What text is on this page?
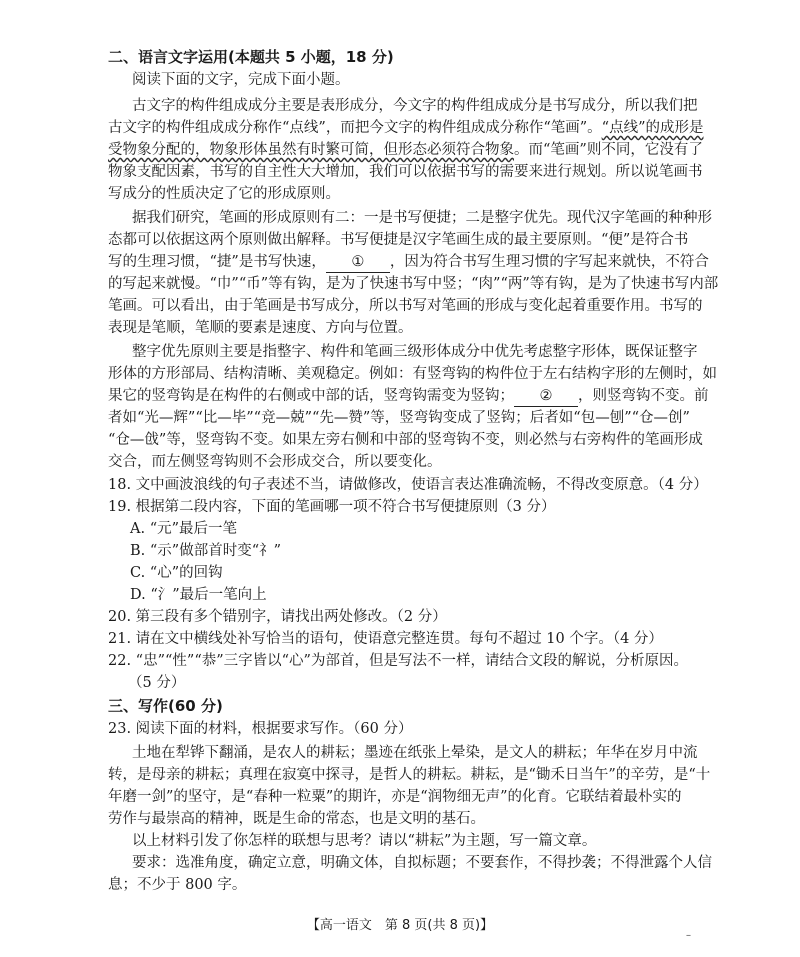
二、语言文字运用(本题共 5 小题，18 分)
阅读下面的文字，完成下面小题。
古文字的构件组成成分主要是表形成分，今文字的构件组成成分是书写成分，所以我们把
古文字的构件组成成分称作“点线”，而把今文字的构件组成成分称作“笔画”。“点线”的成形是
受物象分配的，物象形体虽然有时繁可简，但形态必须符合物象。而“笔画”则不同，它没有了
物象支配因素，书写的自主性大大增加，我们可以依据书写的需要来进行规划。所以说笔画书
写成分的性质决定了它的形成原则。
据我们研究，笔画的形成原则有二：一是书写便捷；二是整字优先。现代汉字笔画的种种形
态都可以依据这两个原则做出解释。书写便捷是汉字笔画生成的最主要原则。“便”是符合书
写的生理习惯，“捷”是书写快速， ① ，因为符合书写生理习惯的字写起来就快，不符合
的写起来就慢。“巾”“币”等有钩，是为了快速书写中竖；“肉”“两”等有钩，是为了快速书写内部
笔画。可以看出，由于笔画是书写成分，所以书写对笔画的形成与变化起着重要作用。书写的
表现是笔顺，笔顺的要素是速度、方向与位置。
整字优先原则主要是指整字、构件和笔画三级形体成分中优先考虑整字形体，既保证整字
形体的方形部局、结构清晰、美观稳定。例如：有竖弯钩的构件位于左右结构字形的左侧时，如
果它的竖弯钩是在构件的右侧或中部的话，竖弯钩需变为竖钩； ② ，则竖弯钩不变。前
者如“光—辉”“比—毕”“竞—兢”“先—赞”等，竖弯钩变成了竖钩；后者如“包—刨”“仓—创”
“仓—戗”等，竖弯钩不变。如果左旁右侧和中部的竖弯钩不变，则必然与右旁构件的笔画形成
交合，而左侧竖弯钩则不会形成交合，所以要变化。
18. 文中画波浪线的句子表述不当，请做修改，使语言表达准确流畅，不得改变原意。（4 分）
19. 根据第二段内容，下面的笔画哪一项不符合书写便捷原则（3 分）
A. “元”最后一笔
B. “示”做部首时变“礻”
C. “心”的回钩
D. “氵”最后一笔向上
20. 第三段有多个错别字，请找出两处修改。（2 分）
21. 请在文中横线处补写恰当的语句，使语意完整连贯。每句不超过 10 个字。（4 分）
22. “忠”“性”“恭”三字皆以“心”为部首，但是写法不一样，请结合文段的解说，分析原因。
（5 分）
三、写作(60 分)
23. 阅读下面的材料，根据要求写作。（60 分）
土地在犁铧下翻涌，是农人的耕耘；墨迹在纸张上晕染，是文人的耕耘；年华在岁月中流
转，是母亲的耕耘；真理在寂寞中探寻，是哲人的耕耘。耕耘，是“锄禾日当午”的辛劳，是“十
年磨一剑”的坚守，是“春种一粒粟”的期许，亦是“润物细无声”的化育。它联结着最朴实的
劳作与最崇高的精神，既是生命的常态，也是文明的基石。
以上材料引发了你怎样的联想与思考？请以“耕耘”为主题，写一篇文章。
要求：选准角度，确定立意，明确文体，自拟标题；不要套作，不得抄袭；不得泄露个人信
息；不少于 800 字。
【高一语文　第 8 页(共 8 页)】
–
